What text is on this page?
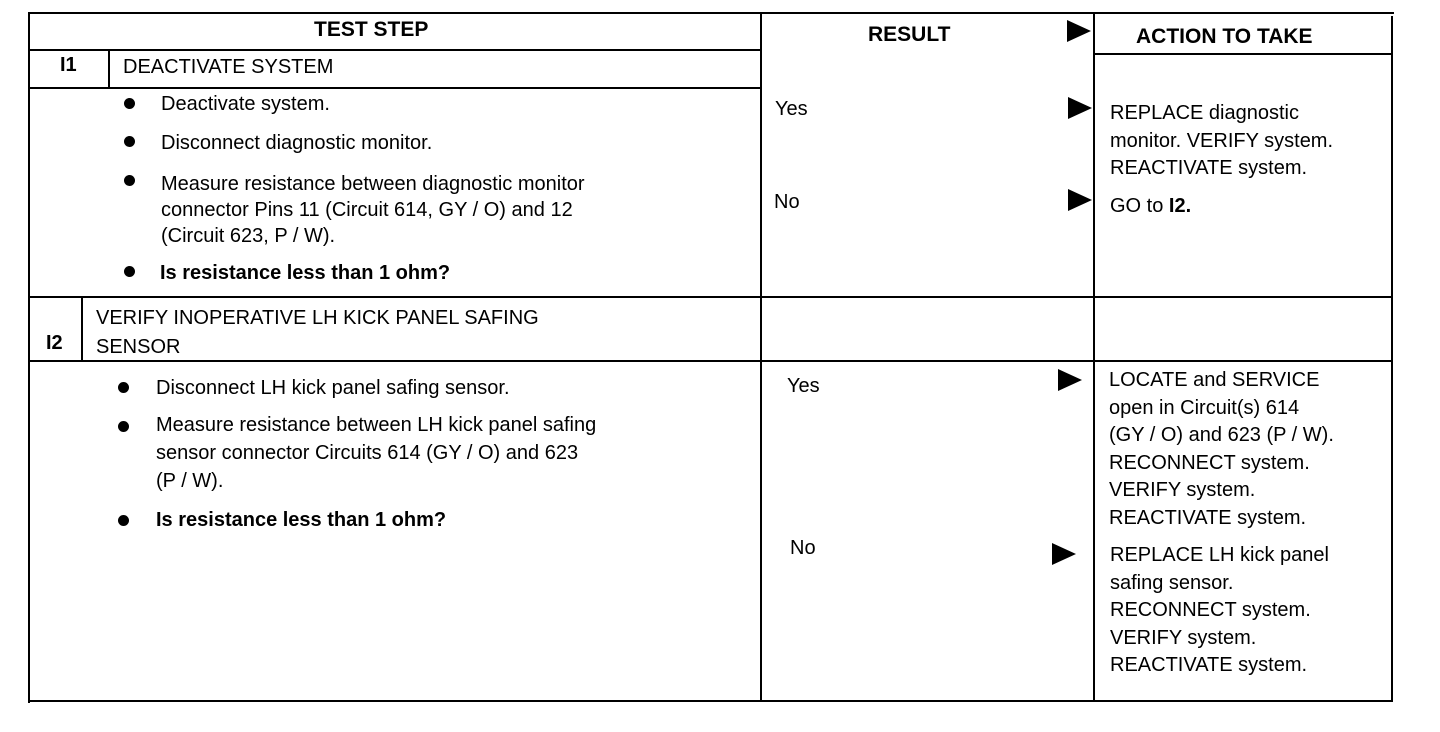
TEST STEP	RESULT	ACTION TO TAKE
I1 DEACTIVATE SYSTEM
Deactivate system.
Disconnect diagnostic monitor.
Measure resistance between diagnostic monitor
connector Pins 11 (Circuit 614, GY / O) and 12
(Circuit 623, P / W).
Is resistance less than 1 ohm?
Yes
No
REPLACE diagnostic
monitor. VERIFY system.
REACTIVATE system.
GO to I2.
I2
VERIFY INOPERATIVE LH KICK PANEL SAFING
SENSOR
Disconnect LH kick panel safing sensor.
Measure resistance between LH kick panel safing
sensor connector Circuits 614 (GY / O) and 623
(P / W).
Is resistance less than 1 ohm?
Yes
No
LOCATE and SERVICE
open in Circuit(s) 614
(GY / O) and 623 (P / W).
RECONNECT system.
VERIFY system.
REACTIVATE system.
REPLACE LH kick panel
safing sensor.
RECONNECT system.
VERIFY system.
REACTIVATE system.
